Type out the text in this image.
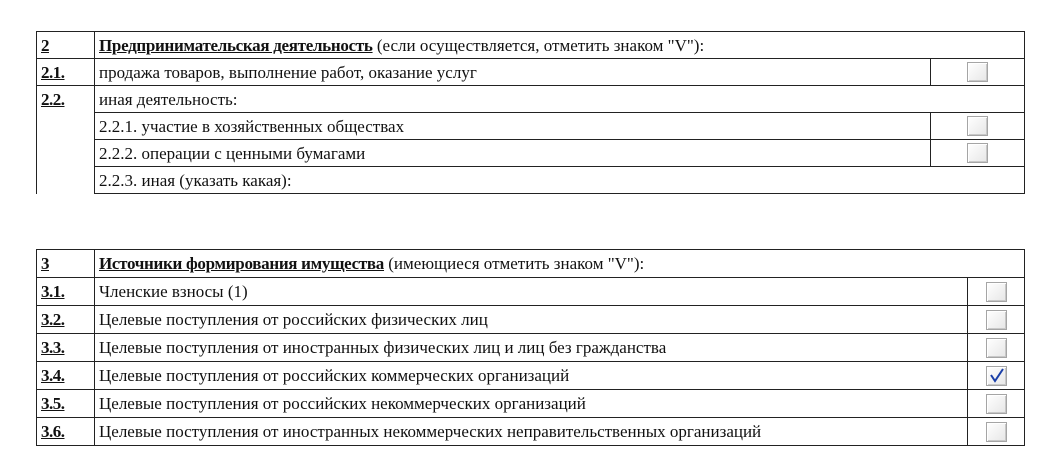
2	Предпринимательская деятельность (если осуществляется, отметить знаком "V"):	
2.1.	продажа товаров, выполнение работ, оказание услуг	
2.2.	иная деятельность:	
	2.2.1. участие в хозяйственных обществах	
	2.2.2. операции с ценными бумагами	
	2.2.3. иная (указать какая):	
3	Источники формирования имущества (имеющиеся отметить знаком "V"):	
3.1.	Членские взносы (1)	
3.2.	Целевые поступления от российских физических лиц	
3.3.	Целевые поступления от иностранных физических лиц и лиц без гражданства	
3.4.	Целевые поступления от российских коммерческих организаций	

3.5.	Целевые поступления от российских некоммерческих организаций	
3.6.	Целевые поступления от иностранных некоммерческих неправительственных организаций	
